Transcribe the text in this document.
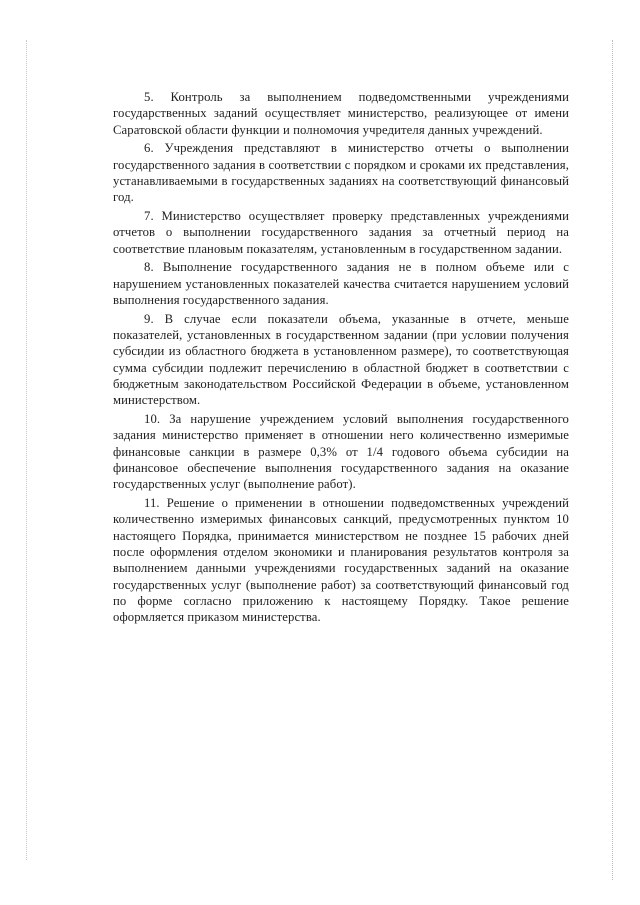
5. Контроль за выполнением подведомственными учреждениями государственных заданий осуществляет министерство, реализующее от имени Саратовской области функции и полномочия учредителя данных учреждений.

6. Учреждения представляют в министерство отчеты о выполнении государственного задания в соответствии с порядком и сроками их представления, устанавливаемыми в государственных заданиях на соответствующий финансовый год.

7. Министерство осуществляет проверку представленных учреждениями отчетов о выполнении государственного задания за отчетный период на соответствие плановым показателям, установленным в государственном задании.

8. Выполнение государственного задания не в полном объеме или с нарушением установленных показателей качества считается нарушением условий выполнения государственного задания.

9. В случае если показатели объема, указанные в отчете, меньше показателей, установленных в государственном задании (при условии получения субсидии из областного бюджета в установленном размере), то соответствующая сумма субсидии подлежит перечислению в областной бюджет в соответствии с бюджетным законодательством Российской Федерации в объеме, установленном министерством.

10. За нарушение учреждением условий выполнения государственного задания министерство применяет в отношении него количественно измеримые финансовые санкции в размере 0,3% от 1/4 годового объема субсидии на финансовое обеспечение выполнения государственного задания на оказание государственных услуг (выполнение работ).

11. Решение о применении в отношении подведомственных учреждений количественно измеримых финансовых санкций, предусмотренных пунктом 10 настоящего Порядка, принимается министерством не позднее 15 рабочих дней после оформления отделом экономики и планирования результатов контроля за выполнением данными учреждениями государственных заданий на оказание государственных услуг (выполнение работ) за соответствующий финансовый год по форме согласно приложению к настоящему Порядку. Такое решение оформляется приказом министерства.
